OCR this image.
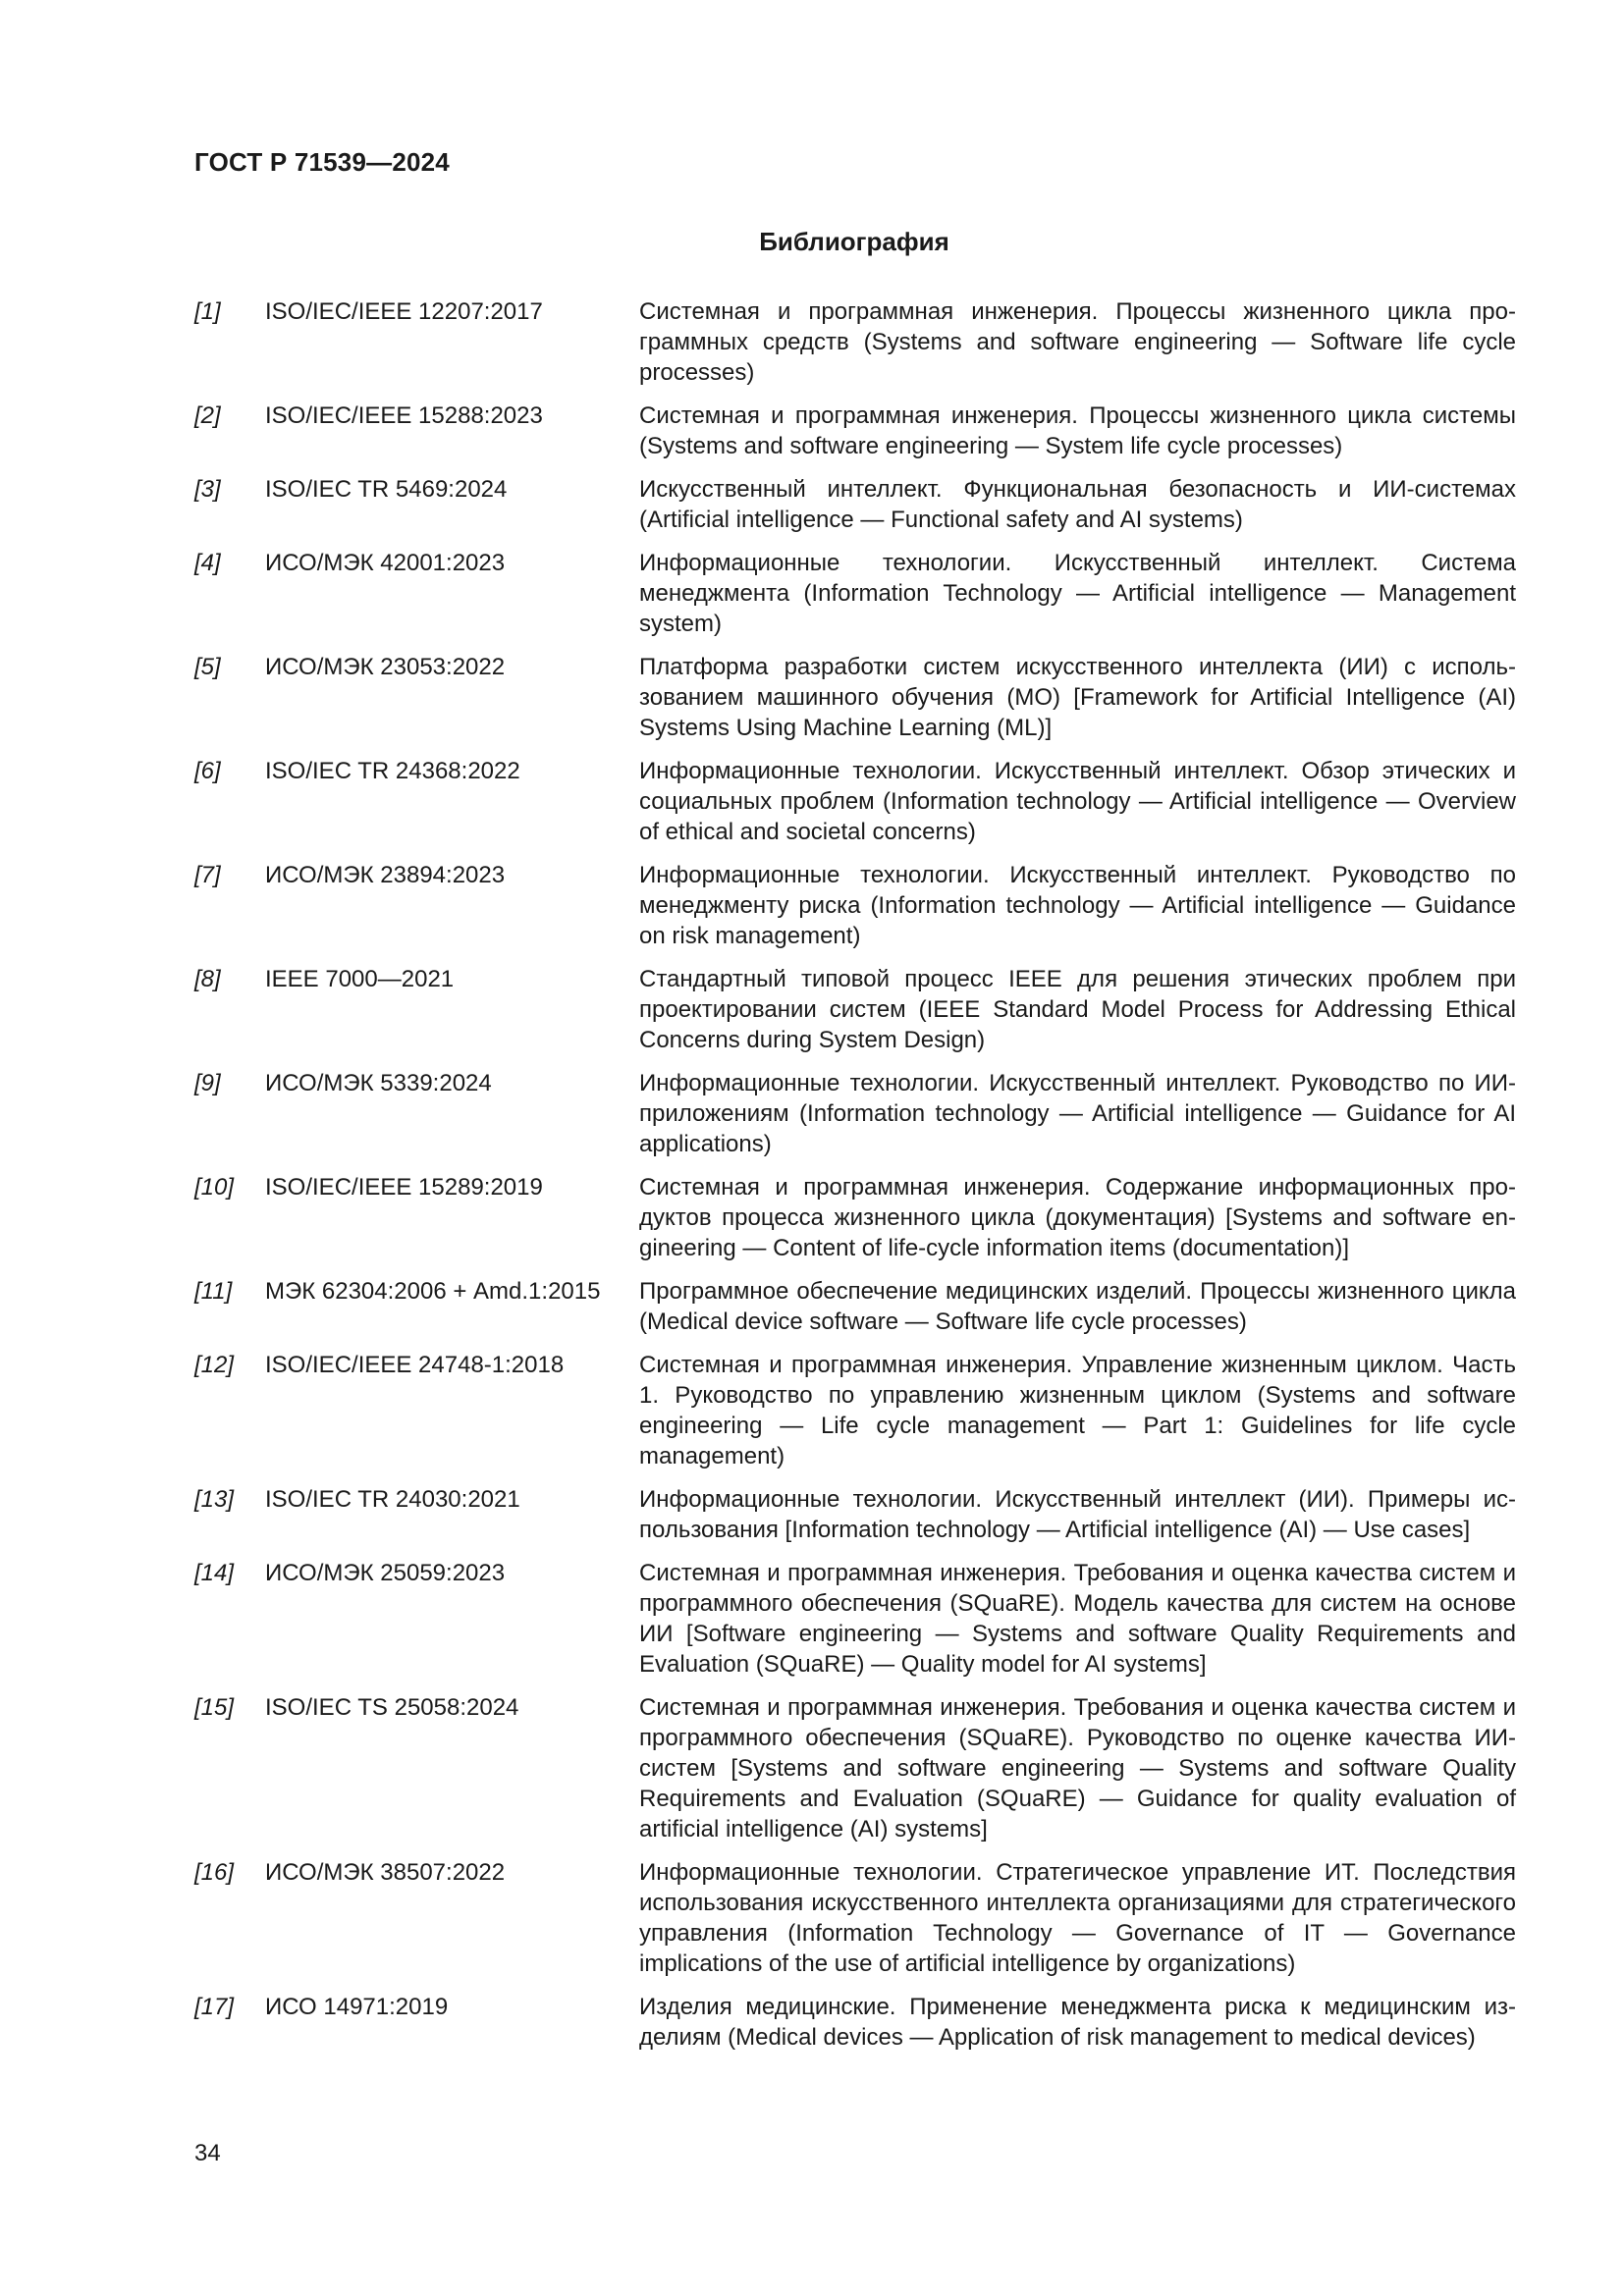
ГОСТ Р 71539—2024
Библиография
[1]	ISO/IEC/IEEE 12207:2017	Системная и программная инженерия. Процессы жизненного цикла программных средств (Systems and software engineering — Software life cycle processes)
[2]	ISO/IEC/IEEE 15288:2023	Системная и программная инженерия. Процессы жизненного цикла системы (Systems and software engineering — System life cycle processes)
[3]	ISO/IEC TR 5469:2024	Искусственный интеллект. Функциональная безопасность и ИИ-системах (Artificial intelligence — Functional safety and AI systems)
[4]	ИСО/МЭК 42001:2023	Информационные технологии. Искусственный интеллект. Система менеджмента (Information Technology — Artificial intelligence — Management system)
[5]	ИСО/МЭК 23053:2022	Платформа разработки систем искусственного интеллекта (ИИ) с использованием машинного обучения (МО) [Framework for Artificial Intelligence (AI) Systems Using Machine Learning (ML)]
[6]	ISO/IEC TR 24368:2022	Информационные технологии. Искусственный интеллект. Обзор этических и социальных проблем (Information technology — Artificial intelligence — Overview of ethical and societal concerns)
[7]	ИСО/МЭК 23894:2023	Информационные технологии. Искусственный интеллект. Руководство по менеджменту риска (Information technology — Artificial intelligence — Guidance on risk management)
[8]	IEEE 7000—2021	Стандартный типовой процесс IEEE для решения этических проблем при проектировании систем (IEEE Standard Model Process for Addressing Ethical Concerns during System Design)
[9]	ИСО/МЭК 5339:2024	Информационные технологии. Искусственный интеллект. Руководство по ИИ-приложениям (Information technology — Artificial intelligence — Guidance for AI applications)
[10]	ISO/IEC/IEEE 15289:2019	Системная и программная инженерия. Содержание информационных продуктов процесса жизненного цикла (документация) [Systems and software engineering — Content of life-cycle information items (documentation)]
[11]	МЭК 62304:2006 + Amd.1:2015	Программное обеспечение медицинских изделий. Процессы жизненного цикла (Medical device software — Software life cycle processes)
[12]	ISO/IEC/IEEE 24748-1:2018	Системная и программная инженерия. Управление жизненным циклом. Часть 1. Руководство по управлению жизненным циклом (Systems and software engineering — Life cycle management — Part 1: Guidelines for life cycle management)
[13]	ISO/IEC TR 24030:2021	Информационные технологии. Искусственный интеллект (ИИ). Примеры использования [Information technology — Artificial intelligence (AI) — Use cases]
[14]	ИСО/МЭК 25059:2023	Системная и программная инженерия. Требования и оценка качества систем и программного обеспечения (SQuaRE). Модель качества для систем на основе ИИ [Software engineering — Systems and software Quality Requirements and Evaluation (SQuaRE) — Quality model for AI systems]
[15]	ISO/IEC TS 25058:2024	Системная и программная инженерия. Требования и оценка качества систем и программного обеспечения (SQuaRE). Руководство по оценке качества ИИ-систем [Systems and software engineering — Systems and software Quality Requirements and Evaluation (SQuaRE) — Guidance for quality evaluation of artificial intelligence (AI) systems]
[16]	ИСО/МЭК 38507:2022	Информационные технологии. Стратегическое управление ИТ. Последствия использования искусственного интеллекта организациями для стратегического управления (Information Technology — Governance of IT — Governance implications of the use of artificial intelligence by organizations)
[17]	ИСО 14971:2019	Изделия медицинские. Применение менеджмента риска к медицинским изделиям (Medical devices — Application of risk management to medical devices)
34
